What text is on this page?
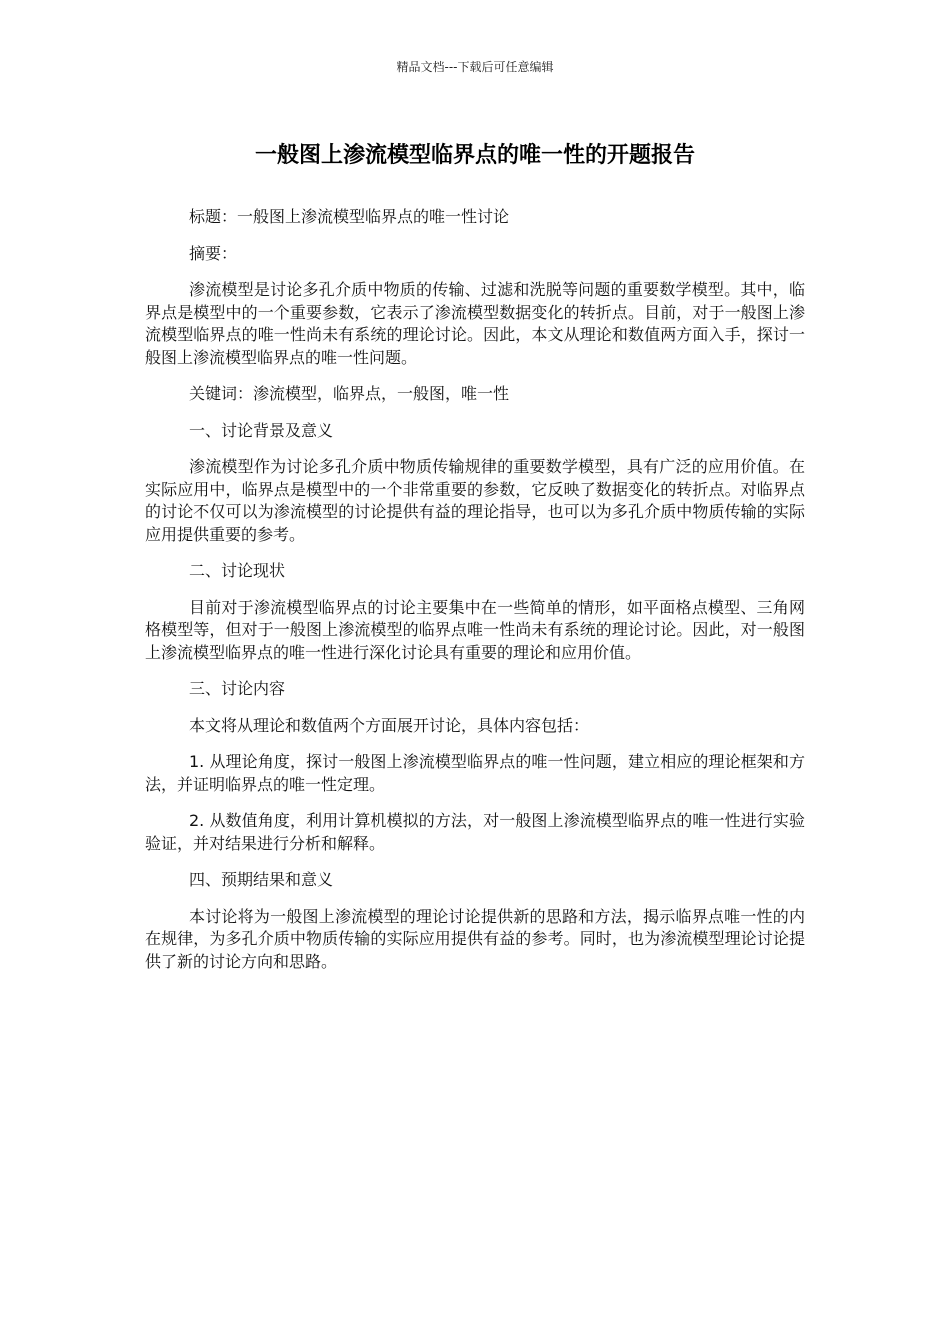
精品文档---下载后可任意编辑
一般图上渗流模型临界点的唯一性的开题报告

标题：一般图上渗流模型临界点的唯一性讨论

摘要：

渗流模型是讨论多孔介质中物质的传输、过滤和洗脱等问题的重要数学模型。其中，临界点是模型中的一个重要参数，它表示了渗流模型数据变化的转折点。目前，对于一般图上渗流模型临界点的唯一性尚未有系统的理论讨论。因此，本文从理论和数值两方面入手，探讨一般图上渗流模型临界点的唯一性问题。

关键词：渗流模型，临界点，一般图，唯一性

一、讨论背景及意义

渗流模型作为讨论多孔介质中物质传输规律的重要数学模型，具有广泛的应用价值。在实际应用中，临界点是模型中的一个非常重要的参数，它反映了数据变化的转折点。对临界点的讨论不仅可以为渗流模型的讨论提供有益的理论指导，也可以为多孔介质中物质传输的实际应用提供重要的参考。

二、讨论现状

目前对于渗流模型临界点的讨论主要集中在一些简单的情形，如平面格点模型、三角网格模型等，但对于一般图上渗流模型的临界点唯一性尚未有系统的理论讨论。因此，对一般图上渗流模型临界点的唯一性进行深化讨论具有重要的理论和应用价值。

三、讨论内容

本文将从理论和数值两个方面展开讨论，具体内容包括：

1. 从理论角度，探讨一般图上渗流模型临界点的唯一性问题，建立相应的理论框架和方法，并证明临界点的唯一性定理。

2. 从数值角度，利用计算机模拟的方法，对一般图上渗流模型临界点的唯一性进行实验验证，并对结果进行分析和解释。

四、预期结果和意义

本讨论将为一般图上渗流模型的理论讨论提供新的思路和方法，揭示临界点唯一性的内在规律，为多孔介质中物质传输的实际应用提供有益的参考。同时，也为渗流模型理论讨论提供了新的讨论方向和思路。
